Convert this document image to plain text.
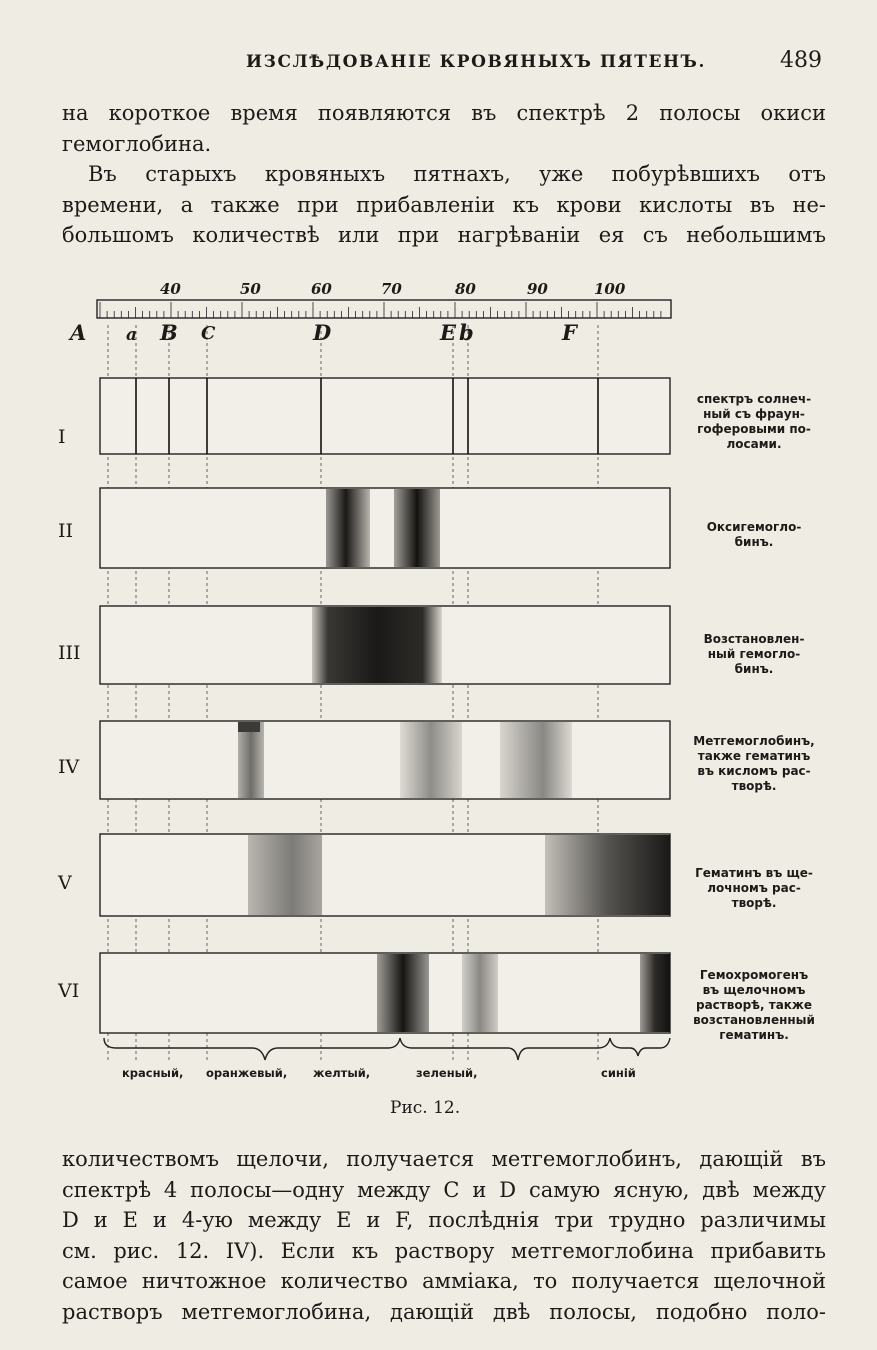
ИЗСЛѢДОВАНІЕ КРОВЯНЫХЪ ПЯТЕНЪ.	489

на короткое время появляются въ спектрѣ 2 полосы окиси

гемоглобина.

Въ старыхъ кровяныхъ пятнахъ, уже побурѣвшихъ отъ

времени, а также при прибавленіи къ крови кислоты въ не-

большомъ количествѣ или при нагрѣваніи ея съ небольшимъ

40	50	60	70	80	90	100
A a B C	D	E b	F
I
II
III
IV
V
VI
спектръ солнеч-
ный съ фраун-
гоферовыми по-
лосами.
Оксигемогло-
бинъ.
Возстановлен-
ный гемогло-
бинъ.
Метгемоглобинъ,
также гематинъ
въ кисломъ рас-
творѣ.
Гематинъ въ ще-
лочномъ рас-
творѣ.
Гемохромогенъ
въ щелочномъ
растворѣ, также
возстановленный
гематинъ.
красный, оранжевый, желтый,	зеленый,	синій
Рис. 12.

количествомъ щелочи, получается метгемоглобинъ, дающій въ

спектрѣ 4 полосы—одну между C и D самую ясную, двѣ между

D и E и 4-ую между E и F, послѣднія три трудно различимы

см. рис. 12. IV). Если къ раствору метгемоглобина прибавить

самое ничтожное количество амміака, то получается щелочной

растворъ метгемоглобина, дающій двѣ полосы, подобно поло-
